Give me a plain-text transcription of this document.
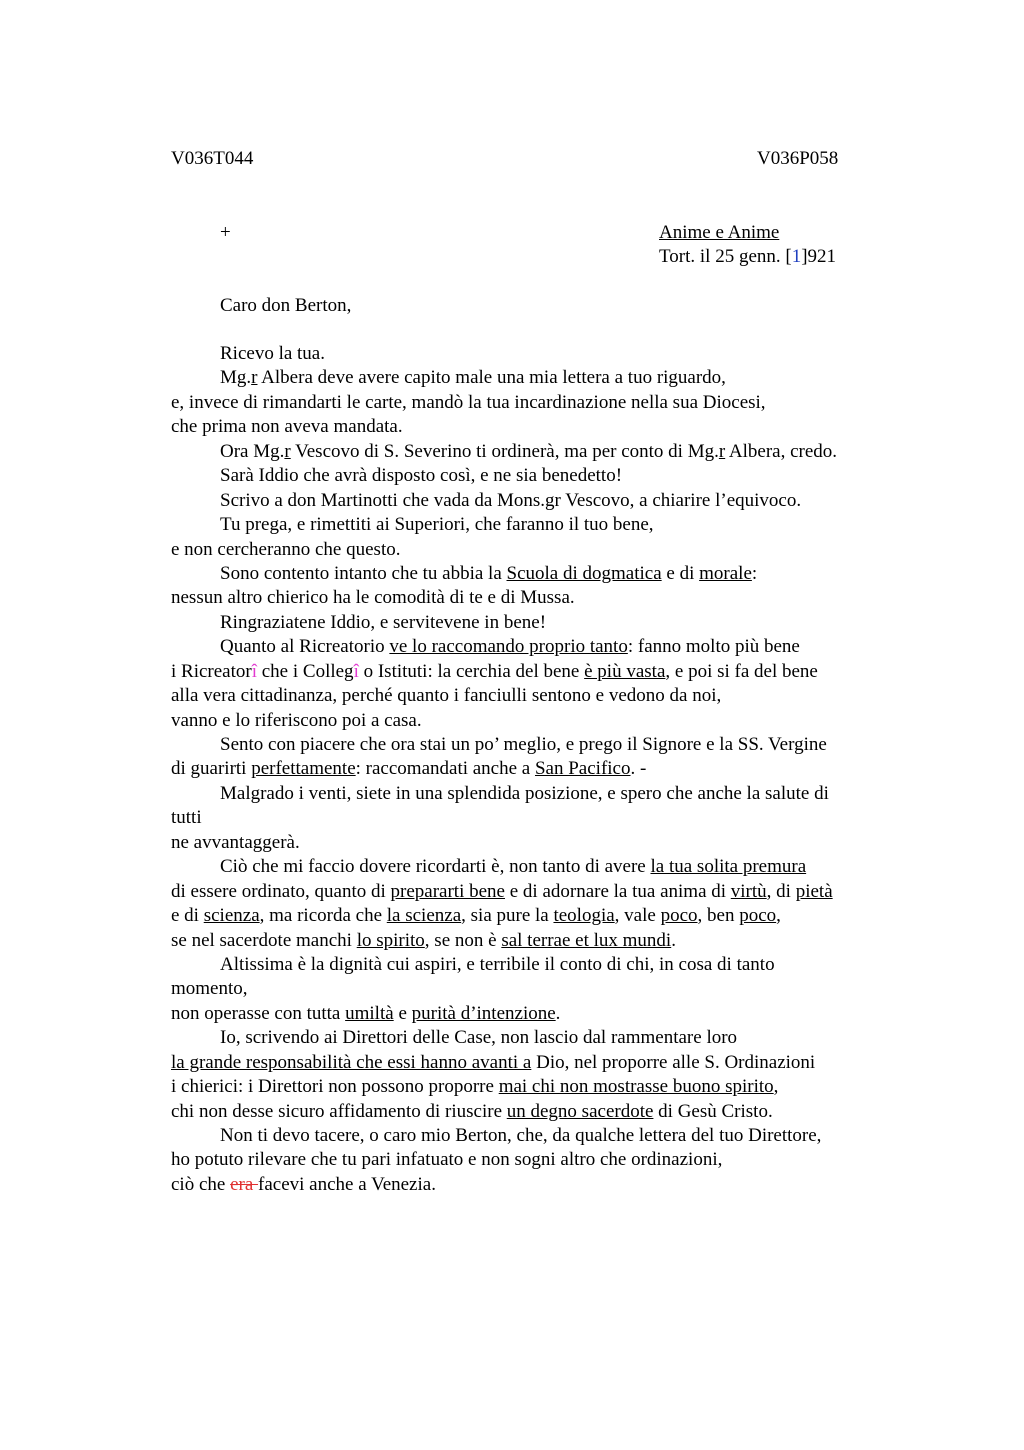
V036T044	V036P058
+	Anime e Anime
Tort. il 25 genn. [1]921
Caro don Berton,
Ricevo la tua.
Mg.r Albera deve avere capito male una mia lettera a tuo riguardo,
e, invece di rimandarti le carte, mandò la tua incardinazione nella sua Diocesi,
che prima non aveva mandata.
Ora Mg.r Vescovo di S. Severino ti ordinerà, ma per conto di Mg.r Albera, credo.
Sarà Iddio che avrà disposto così, e ne sia benedetto!
Scrivo a don Martinotti che vada da Mons.gr Vescovo, a chiarire l’equivoco.
Tu prega, e rimettiti ai Superiori, che faranno il tuo bene,
e non cercheranno che questo.
Sono contento intanto che tu abbia la Scuola di dogmatica e di morale:
nessun altro chierico ha le comodità di te e di Mussa.
Ringraziatene Iddio, e servitevene in bene!
Quanto al Ricreatorio ve lo raccomando proprio tanto: fanno molto più bene
i Ricreatorî che i Collegî o Istituti: la cerchia del bene è più vasta, e poi si fa del bene
alla vera cittadinanza, perché quanto i fanciulli sentono e vedono da noi,
vanno e lo riferiscono poi a casa.
Sento con piacere che ora stai un po’ meglio, e prego il Signore e la SS. Vergine
di guarirti perfettamente: raccomandati anche a San Pacifico. -
Malgrado i venti, siete in una splendida posizione, e spero che anche la salute di
tutti
ne avvantaggerà.
Ciò che mi faccio dovere ricordarti è, non tanto di avere la tua solita premura
di essere ordinato, quanto di prepararti bene e di adornare la tua anima di virtù, di pietà
e di scienza, ma ricorda che la scienza, sia pure la teologia, vale poco, ben poco,
se nel sacerdote manchi lo spirito, se non è sal terrae et lux mundi.
Altissima è la dignità cui aspiri, e terribile il conto di chi, in cosa di tanto
momento,
non operasse con tutta umiltà e purità d’intenzione.
Io, scrivendo ai Direttori delle Case, non lascio dal rammentare loro
la grande responsabilità che essi hanno avanti a Dio, nel proporre alle S. Ordinazioni
i chierici: i Direttori non possono proporre mai chi non mostrasse buono spirito,
chi non desse sicuro affidamento di riuscire un degno sacerdote di Gesù Cristo.
Non ti devo tacere, o caro mio Berton, che, da qualche lettera del tuo Direttore,
ho potuto rilevare che tu pari infatuato e non sogni altro che ordinazioni,
ciò che era facevi anche a Venezia.
